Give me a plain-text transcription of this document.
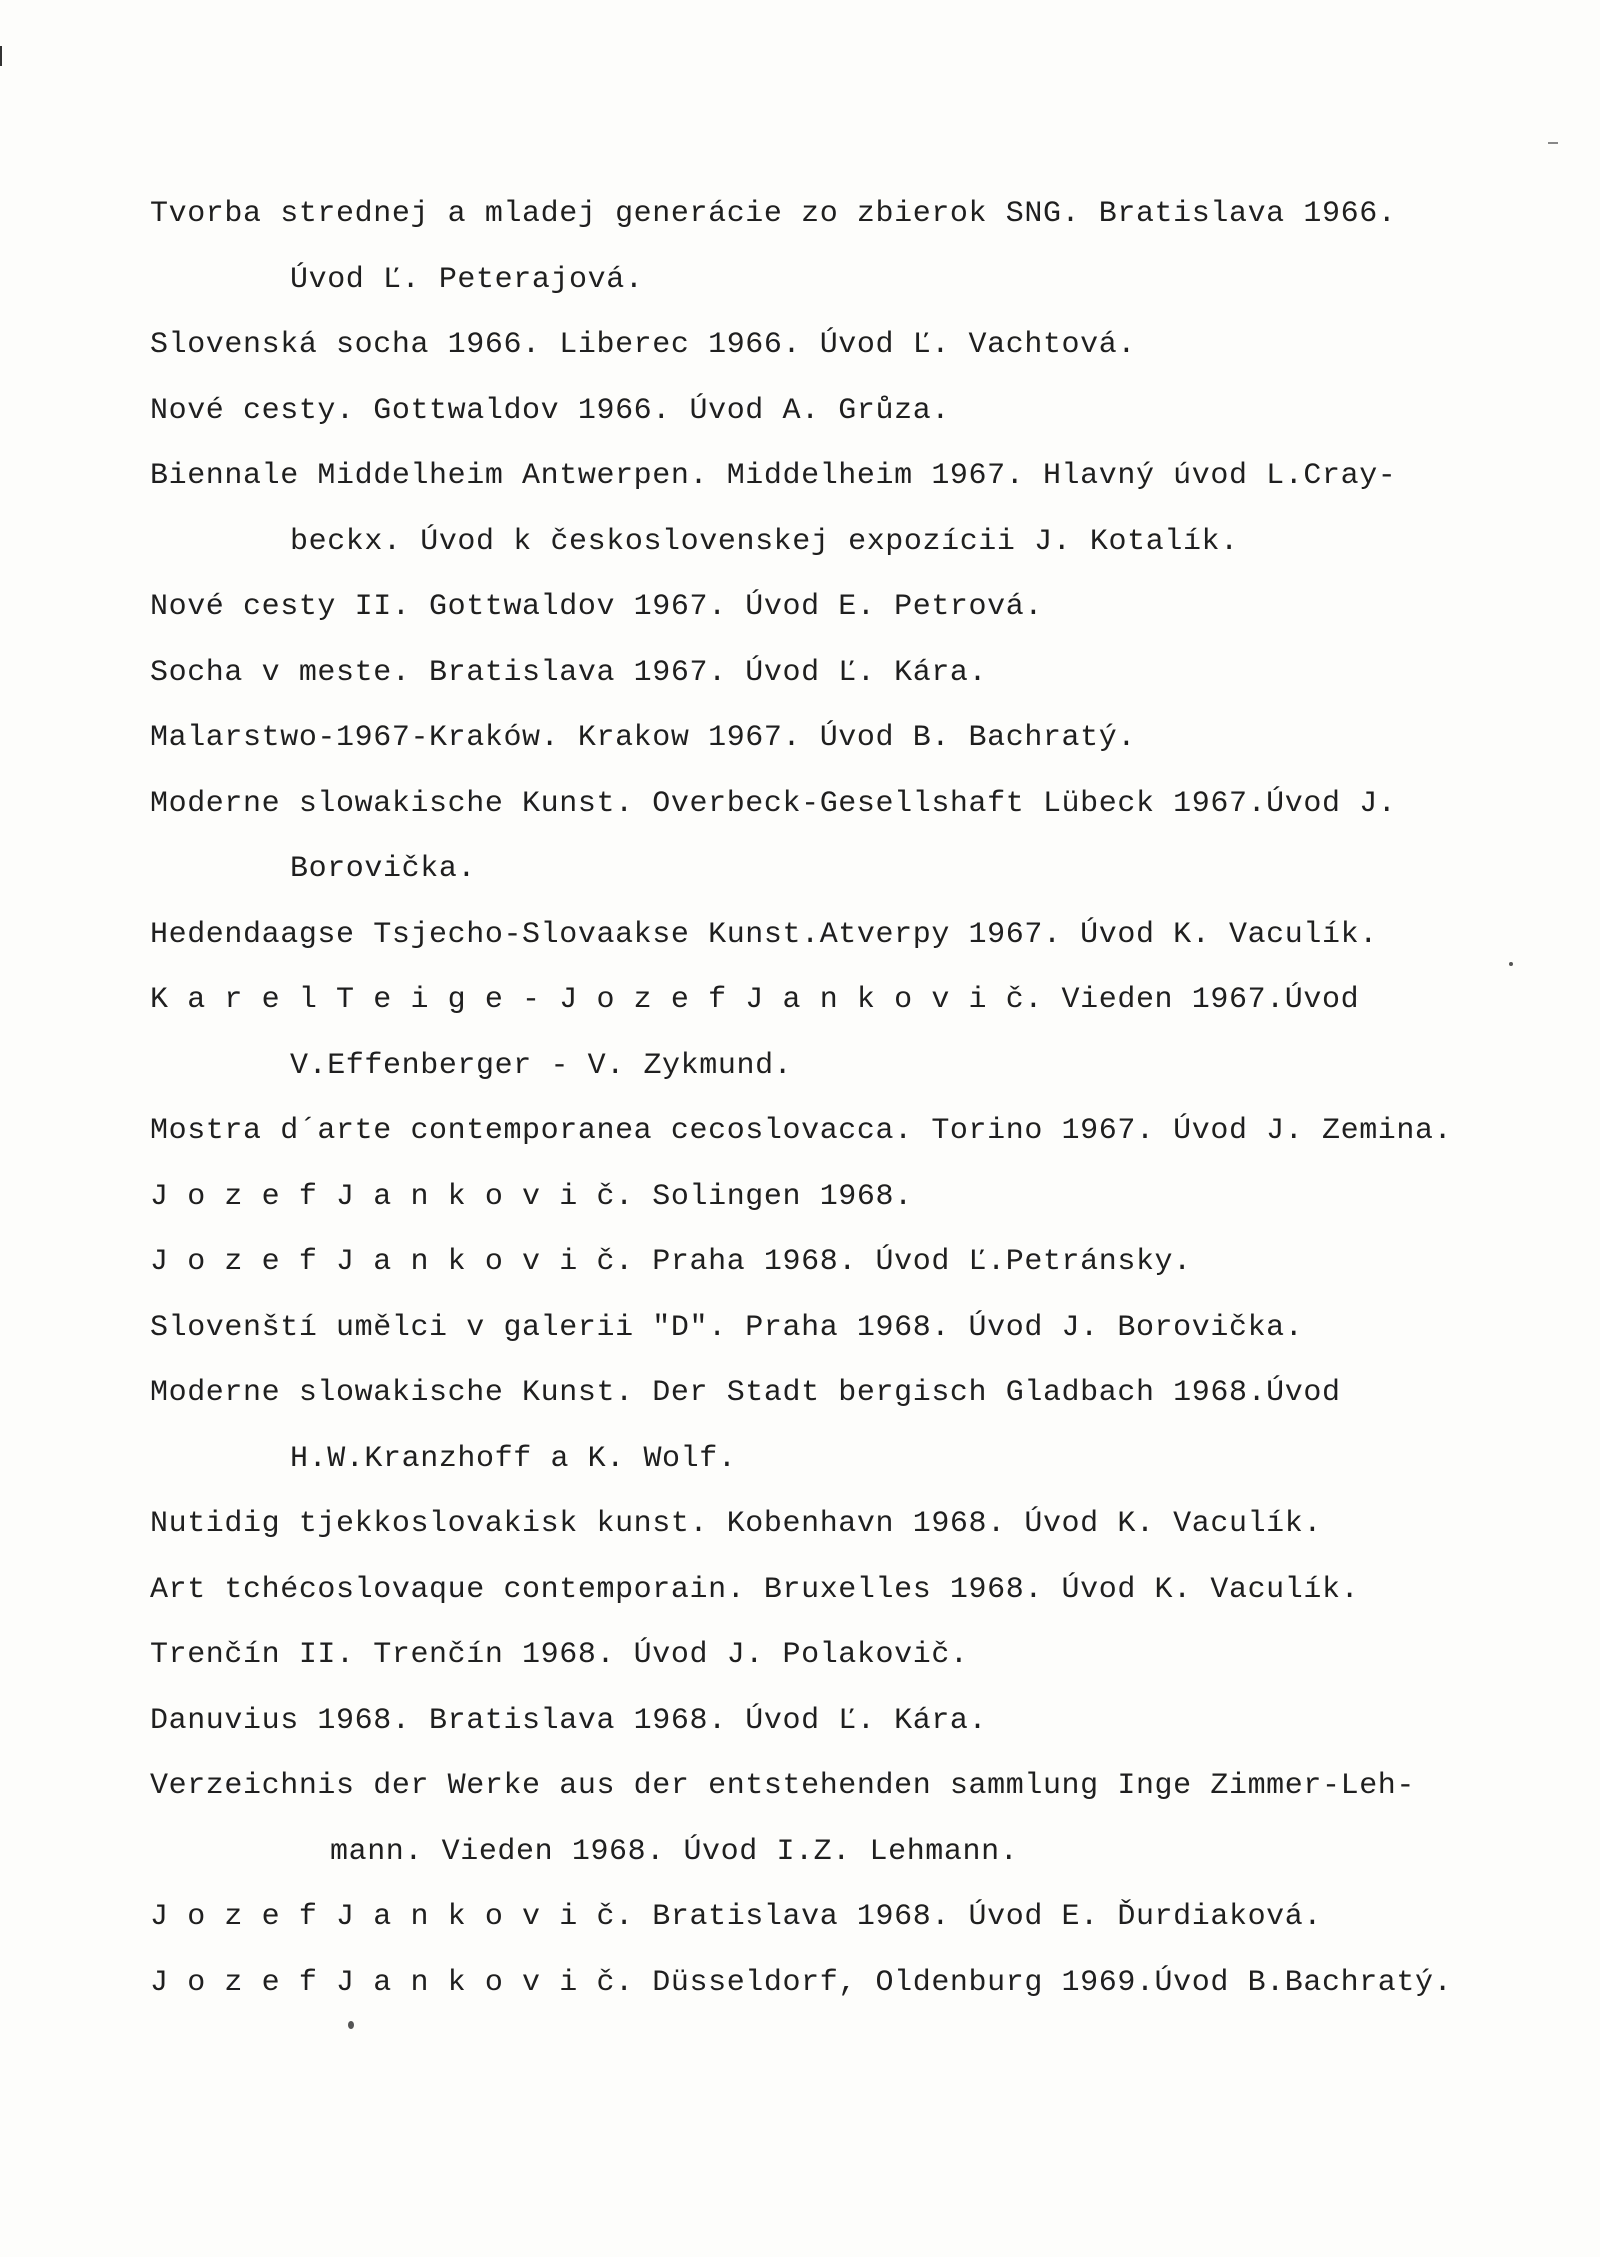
Tvorba strednej a mladej generácie zo zbierok SNG. Bratislava 1966.

Úvod Ľ. Peterajová.

Slovenská socha 1966. Liberec 1966. Úvod Ľ. Vachtová.

Nové cesty. Gottwaldov 1966. Úvod A. Grůza.

Biennale Middelheim Antwerpen. Middelheim 1967. Hlavný úvod L.Cray-

beckx. Úvod k československej expozícii J. Kotalík.

Nové cesty II. Gottwaldov 1967. Úvod E. Petrová.

Socha v meste. Bratislava 1967. Úvod Ľ. Kára.

Malarstwo-1967-Kraków. Krakow 1967. Úvod B. Bachratý.

Moderne slowakische Kunst. Overbeck-Gesellshaft Lübeck 1967.Úvod J.

Borovička.

Hedendaagse Tsjecho-Slovaakse Kunst.Atverpy 1967. Úvod K. Vaculík.

K a r e l T e i g e - J o z e f J a n k o v i č. Vieden 1967.Úvod

V.Effenberger - V. Zykmund.

Mostra d´arte contemporanea cecoslovacca. Torino 1967. Úvod J. Zemina.

J o z e f J a n k o v i č. Solingen 1968.

J o z e f J a n k o v i č. Praha 1968. Úvod Ľ.Petránsky.

Slovenští umělci v galerii "D". Praha 1968. Úvod J. Borovička.

Moderne slowakische Kunst. Der Stadt bergisch Gladbach 1968.Úvod

H.W.Kranzhoff a K. Wolf.

Nutidig tjekkoslovakisk kunst. Kobenhavn 1968. Úvod K. Vaculík.

Art tchécoslovaque contemporain. Bruxelles 1968. Úvod K. Vaculík.

Trenčín II. Trenčín 1968. Úvod J. Polakovič.

Danuvius 1968. Bratislava 1968. Úvod Ľ. Kára.

Verzeichnis der Werke aus der entstehenden sammlung Inge Zimmer-Leh-

mann. Vieden 1968. Úvod I.Z. Lehmann.

J o z e f J a n k o v i č. Bratislava 1968. Úvod E. Ďurdiaková.

J o z e f J a n k o v i č. Düsseldorf, Oldenburg 1969.Úvod B.Bachratý.
